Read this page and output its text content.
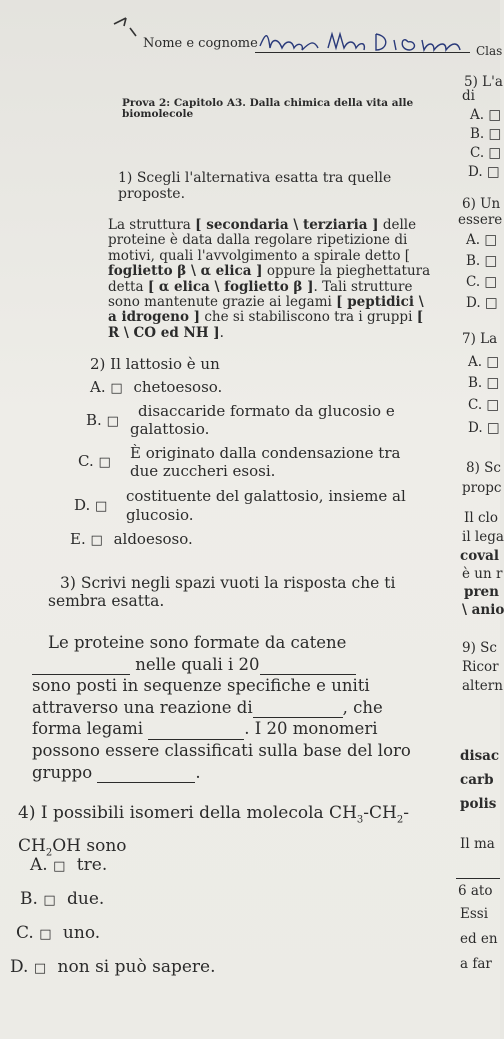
Nome e cognome	Clas
Prova 2: Capitolo A3. Dalla chimica della vita alle
biomolecole
1) Scegli l'alternativa esatta tra quelle
proposte.
La struttura [ secondaria \ terziaria ] delle
proteine è data dalla regolare ripetizione di
motivi, quali l'avvolgimento a spirale detto [
foglietto β \ α elica ] oppure la pieghettatura
detta [ α elica \ foglietto β ]. Tali strutture
sono mantenute grazie ai legami [ peptidici \
a idrogeno ] che si stabiliscono tra i gruppi [
R \ CO ed NH ].
2) Il lattosio è un
A. □ chetoesoso.
B. □
disaccaride formato da glucosio e
galattosio.
C. □
È originato dalla condensazione tra
due zuccheri esosi.
D. □
costituente del galattosio, insieme al
glucosio.
E. □ aldoesoso.
3) Scrivi negli spazi vuoti la risposta che ti
sembra esatta.
Le proteine sono formate da catene
nelle quali i 20
sono posti in sequenze specifiche e uniti
attraverso una reazione di	, che
forma legami	. I 20 monomeri
possono essere classificati sulla base del loro
gruppo	.
4) I possibili isomeri della molecola $CH_3-CH_2-$
$CH_2OH$ sono
A. □ tre.
B. □ due.
C. □ uno.
D. □ non si può sapere.
5) L'a
di
A. □
B. □
C. □
D. □
6) Un
essere
A. □
B. □
C. □
D. □
7) La
A. □
B. □
C. □
D. □
8) Sc
propc
Il clo
il lega
coval
è un r
pren
\ anio
9) Sc
Ricor
altern
disac
carb
polis
Il ma
6 ato
Essi
ed en
a far
